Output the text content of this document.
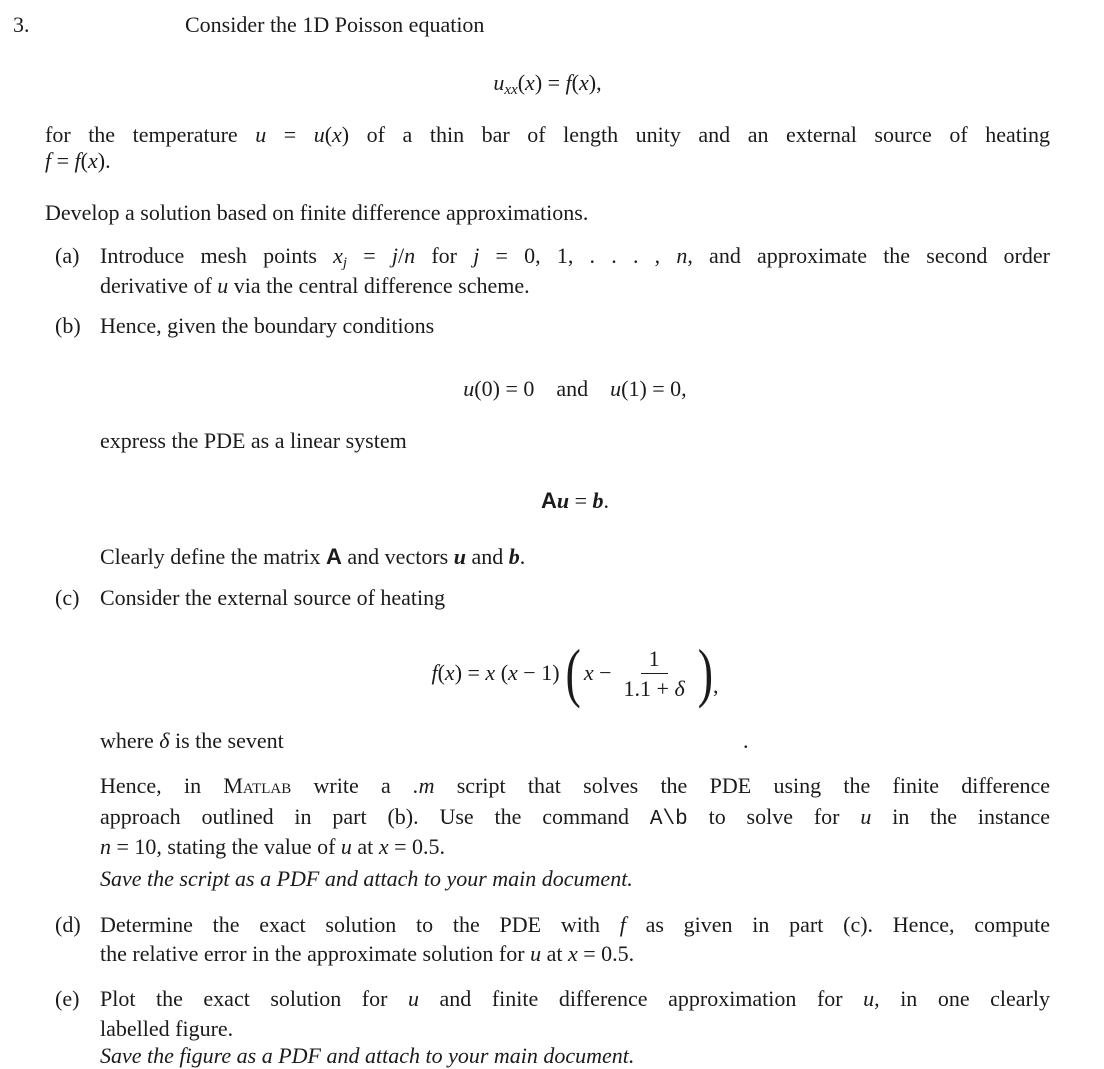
3.	Consider the 1D Poisson equation
$u_{xx}(x) = f(x)$,
for the temperature u = u(x) of a thin bar of length unity and an external source of heating
f = f(x).
Develop a solution based on finite difference approximations.
(a) Introduce mesh points $x_j = j/n$ for j = 0, 1, . . . , n, and approximate the second order
derivative of u via the central difference scheme.
(b) Hence, given the boundary conditions
u(0) = 0 and u(1) = 0,
express the PDE as a linear system
Au = b.
Clearly define the matrix A and vectors u and b.
(c) Consider the external source of heating
f(x) = x (x − 1) ( $x - \frac{1}{1.1 + \delta}$ ) ,
where δ is the sevent	.
Hence, in Matlab write a .m script that solves the PDE using the finite difference
approach outlined in part (b). Use the command A\b to solve for u in the instance
n = 10, stating the value of u at x = 0.5.
Save the script as a PDF and attach to your main document.
(d) Determine the exact solution to the PDE with f as given in part (c). Hence, compute
the relative error in the approximate solution for u at x = 0.5.
(e) Plot the exact solution for u and finite difference approximation for u, in one clearly
labelled figure.
Save the figure as a PDF and attach to your main document.
